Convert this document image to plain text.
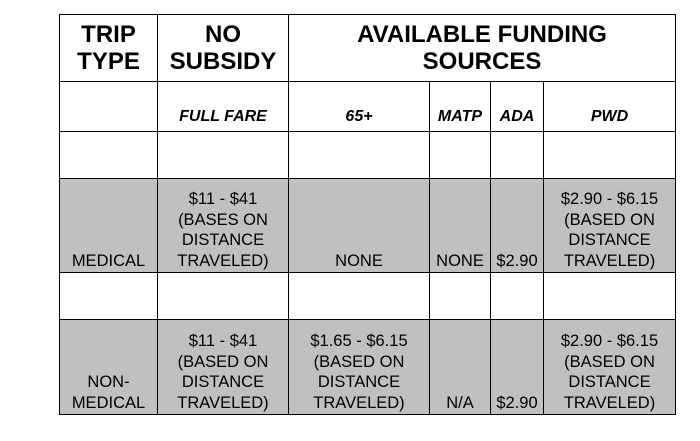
TRIP
TYPE	NO
SUBSIDY	AVAILABLE FUNDING
SOURCES			
	FULL FARE	65+	MATP	ADA	PWD

MEDICAL	$11 - $41
(BASES ON
DISTANCE
TRAVELED)	NONE	NONE	$2.90	$2.90 - $6.15
(BASED ON
DISTANCE
TRAVELED)

NON-
MEDICAL	$11 - $41
(BASED ON
DISTANCE
TRAVELED)	$1.65 - $6.15
(BASED ON
DISTANCE
TRAVELED)	N/A	$2.90	$2.90 - $6.15
(BASED ON
DISTANCE
TRAVELED)
